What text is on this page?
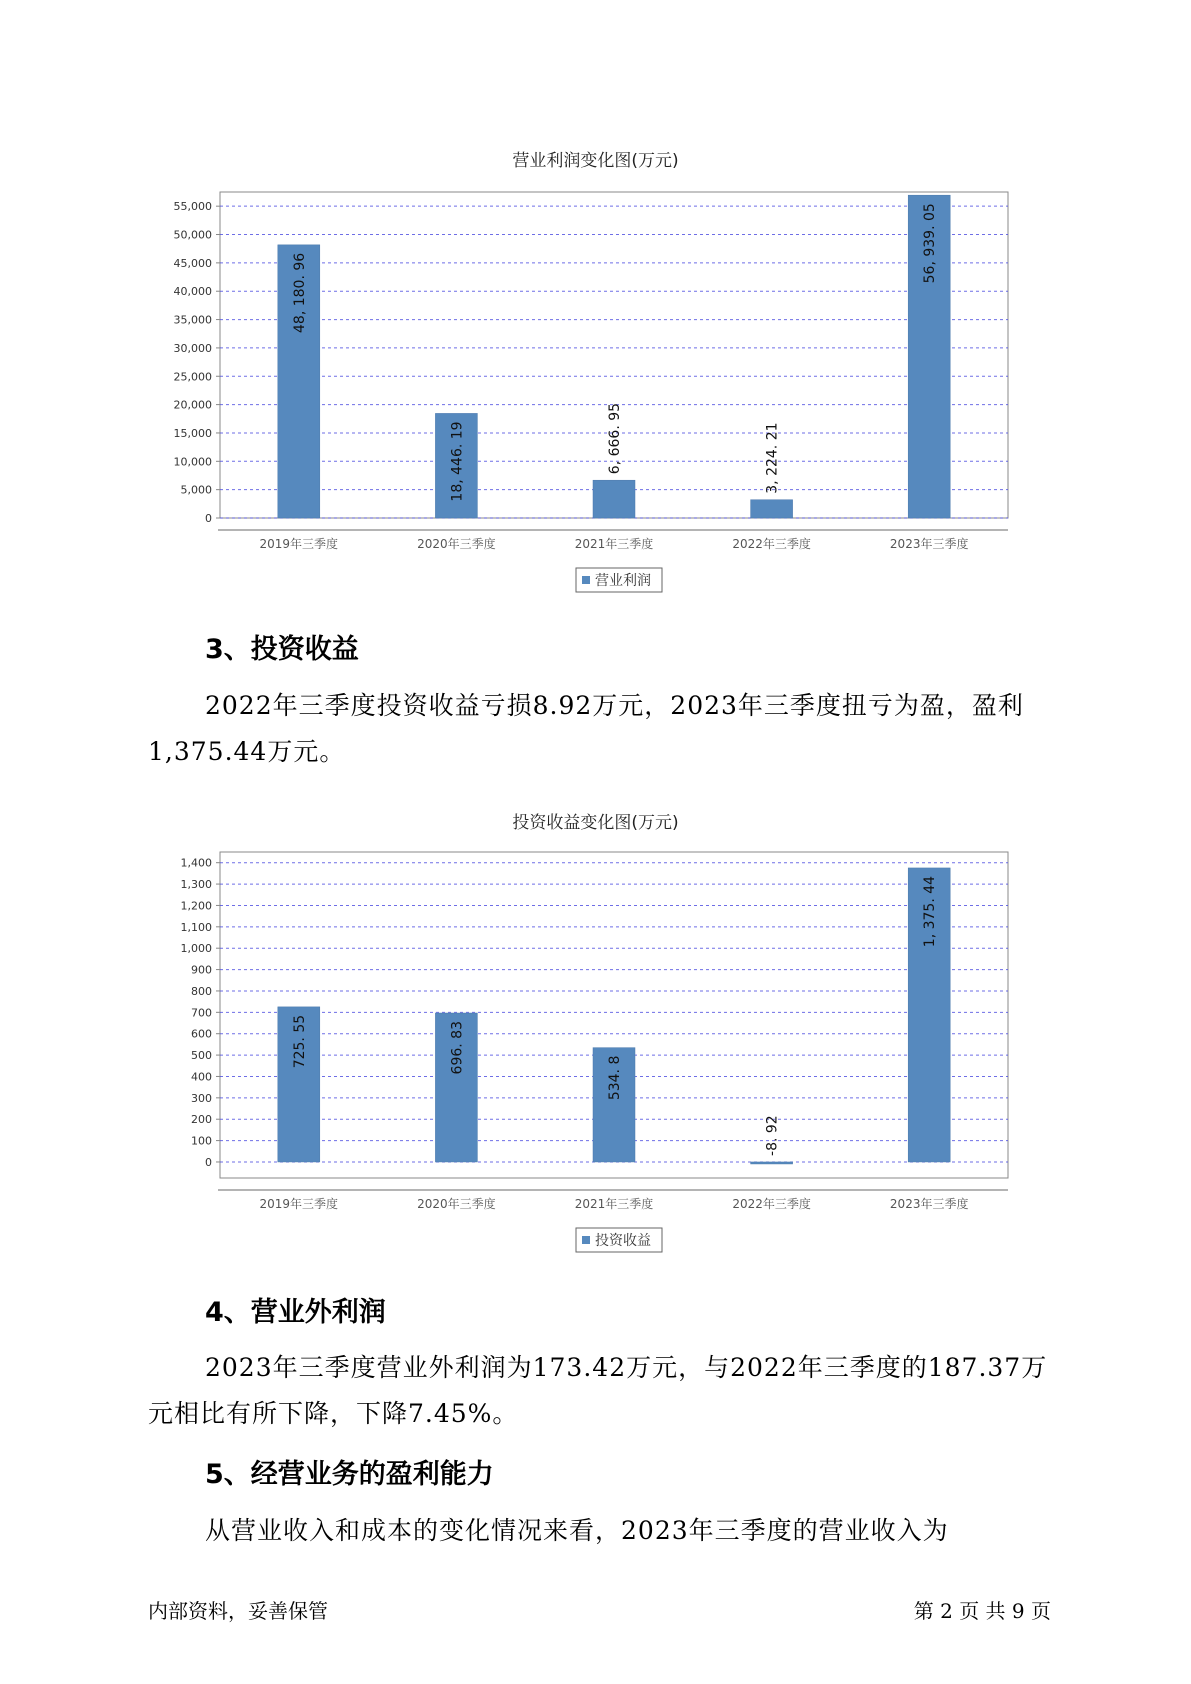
营业利润变化图(万元)
0
5,000
10,000
15,000
20,000
25,000
30,000
35,000
40,000
45,000
50,000
55,000
48, 180. 96
2019年三季度
18, 446. 19
2020年三季度
6, 666. 95
2021年三季度
3, 224. 21
2022年三季度
56, 939. 05
2023年三季度
营业利润
3、投资收益
2022年三季度投资收益亏损8.92万元，2023年三季度扭亏为盈，盈利
1,375.44万元。
投资收益变化图(万元)
0
100
200
300
400
500
600
700
800
900
1,000
1,100
1,200
1,300
1,400
725. 55
2019年三季度
696. 83
2020年三季度
534. 8
2021年三季度
-8. 92
2022年三季度
1, 375. 44
2023年三季度
投资收益
4、营业外利润
2023年三季度营业外利润为173.42万元，与2022年三季度的187.37万
元相比有所下降，下降7.45%。
5、经营业务的盈利能力
从营业收入和成本的变化情况来看，2023年三季度的营业收入为
内部资料，妥善保管	第 2 页 共 9 页
